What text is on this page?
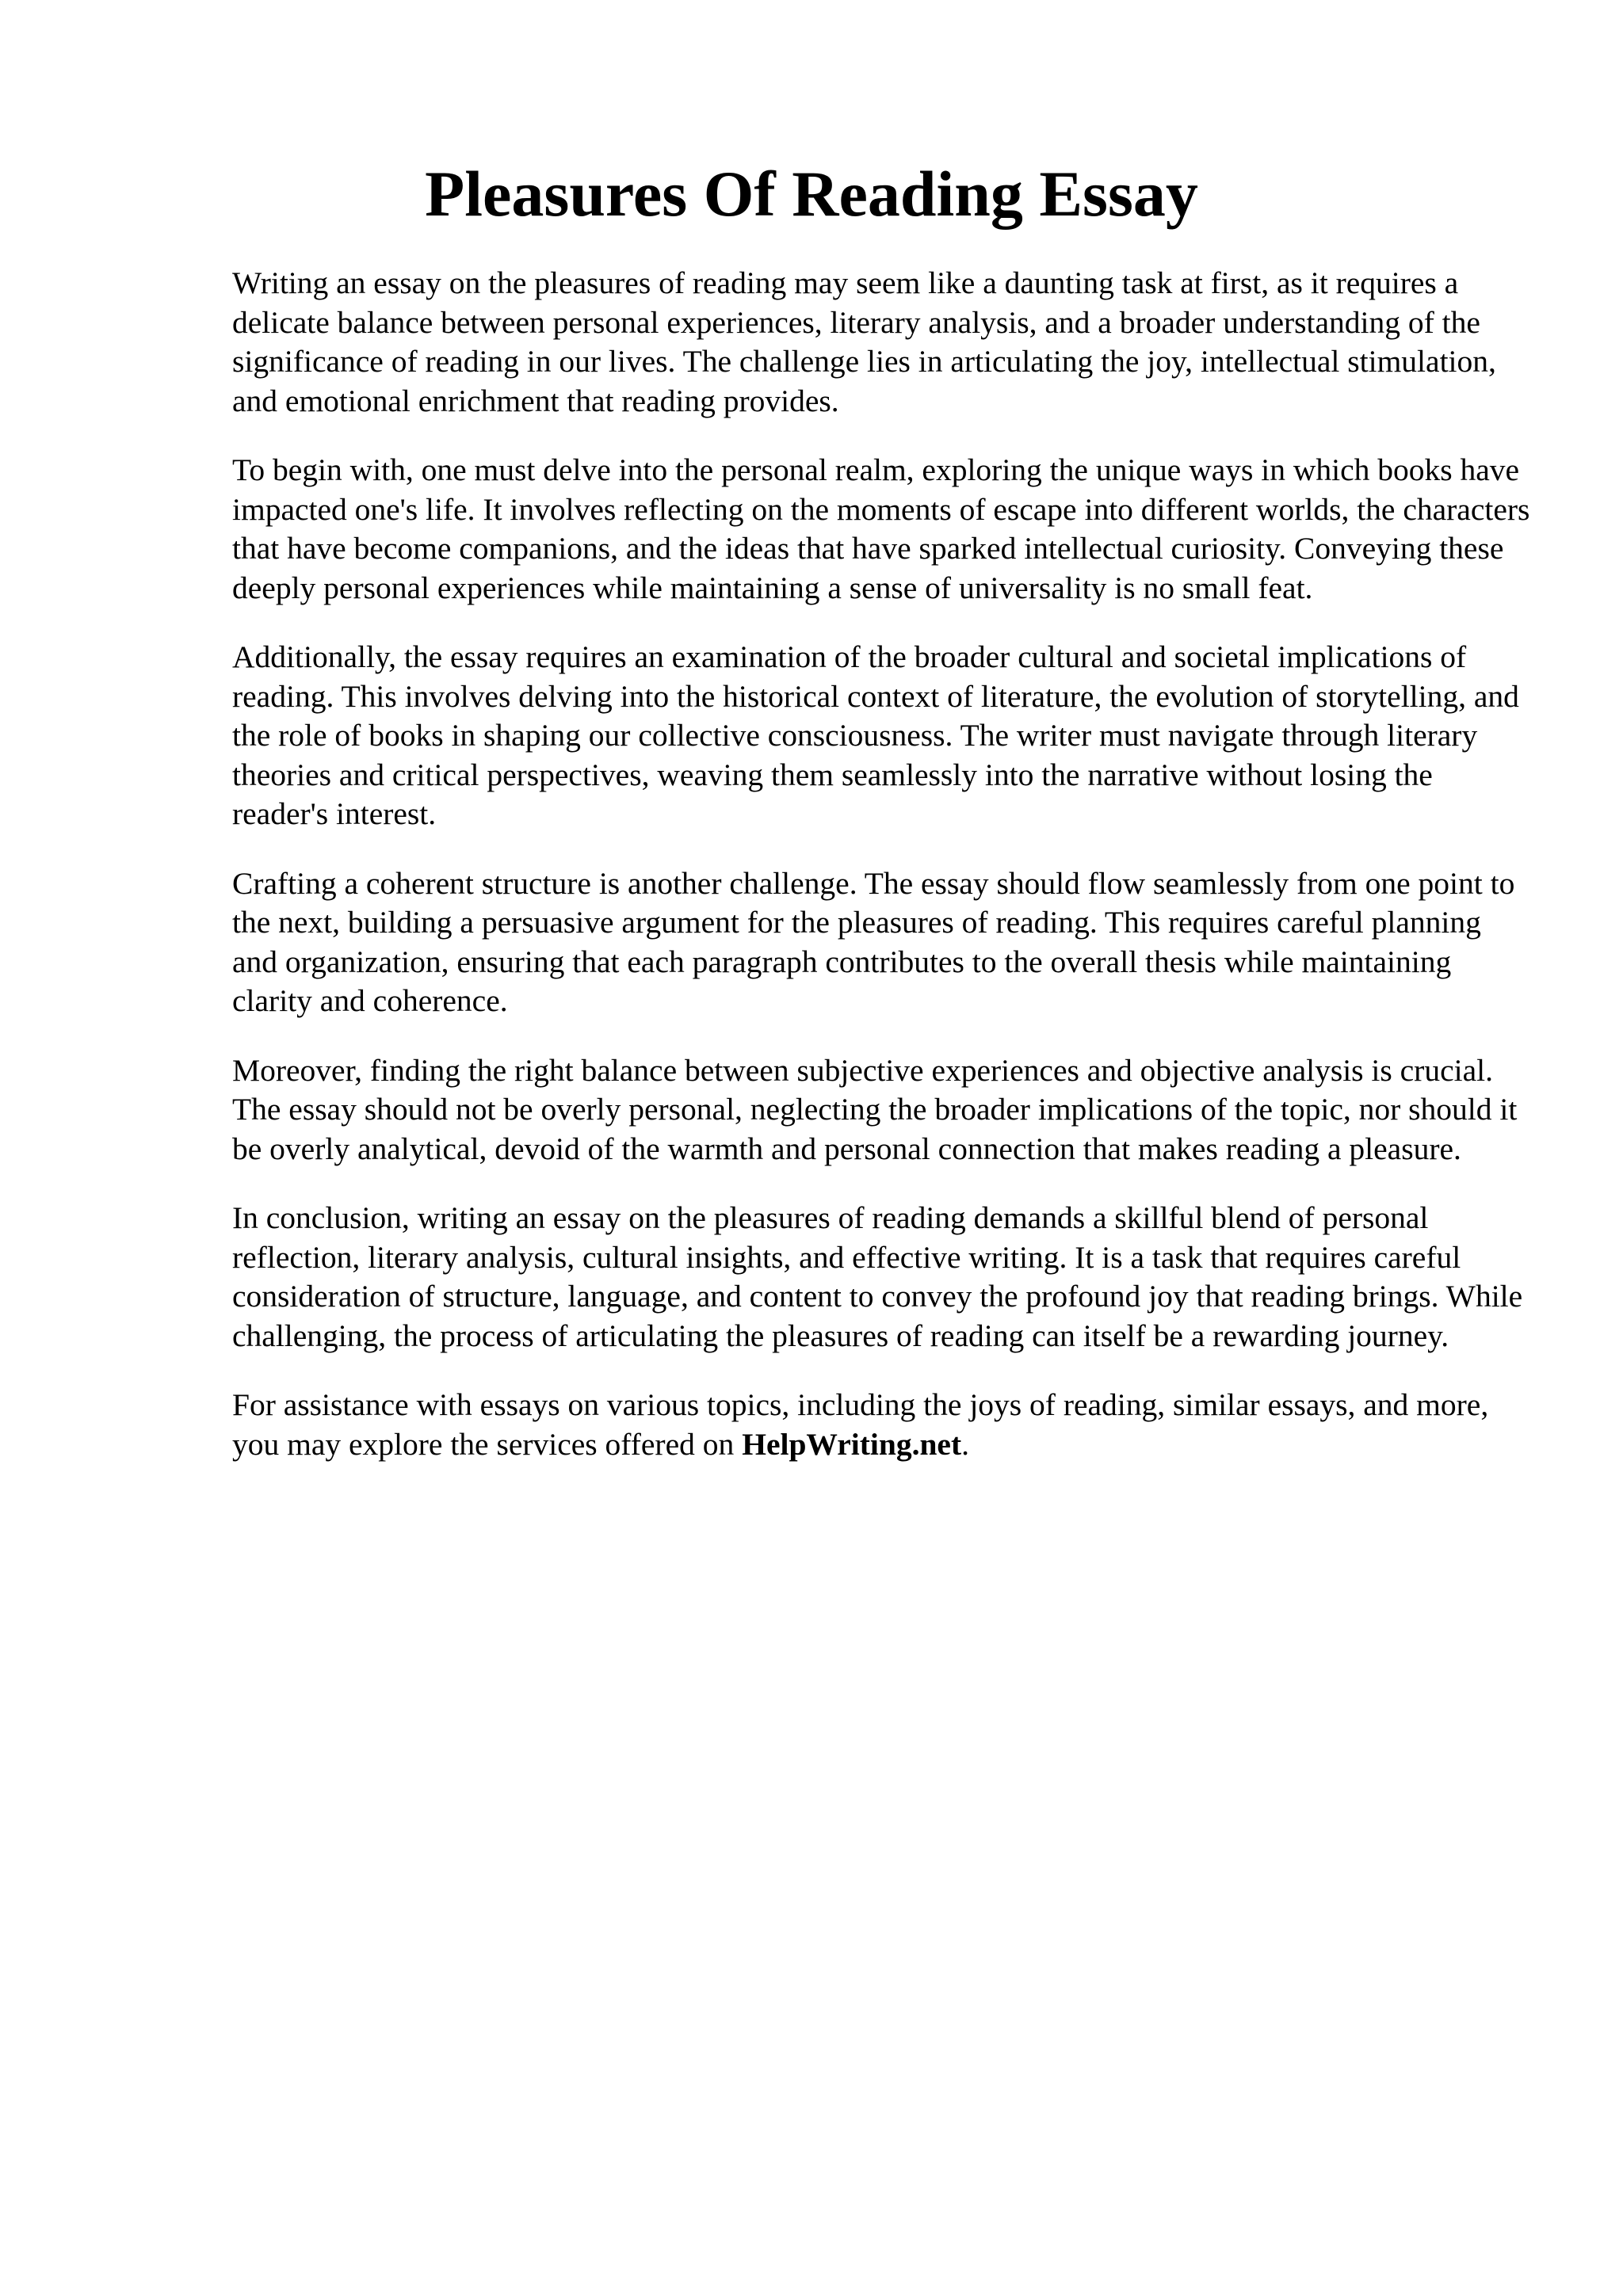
Pleasures Of Reading Essay

Writing an essay on the pleasures of reading may seem like a daunting task at first, as it requires a delicate balance between personal experiences, literary analysis, and a broader understanding of the significance of reading in our lives. The challenge lies in articulating the joy, intellectual stimulation, and emotional enrichment that reading provides.

To begin with, one must delve into the personal realm, exploring the unique ways in which books have impacted one's life. It involves reflecting on the moments of escape into different worlds, the characters that have become companions, and the ideas that have sparked intellectual curiosity. Conveying these deeply personal experiences while maintaining a sense of universality is no small feat.

Additionally, the essay requires an examination of the broader cultural and societal implications of reading. This involves delving into the historical context of literature, the evolution of storytelling, and the role of books in shaping our collective consciousness. The writer must navigate through literary theories and critical perspectives, weaving them seamlessly into the narrative without losing the reader's interest.

Crafting a coherent structure is another challenge. The essay should flow seamlessly from one point to the next, building a persuasive argument for the pleasures of reading. This requires careful planning and organization, ensuring that each paragraph contributes to the overall thesis while maintaining clarity and coherence.

Moreover, finding the right balance between subjective experiences and objective analysis is crucial. The essay should not be overly personal, neglecting the broader implications of the topic, nor should it be overly analytical, devoid of the warmth and personal connection that makes reading a pleasure.

In conclusion, writing an essay on the pleasures of reading demands a skillful blend of personal reflection, literary analysis, cultural insights, and effective writing. It is a task that requires careful consideration of structure, language, and content to convey the profound joy that reading brings. While challenging, the process of articulating the pleasures of reading can itself be a rewarding journey.

For assistance with essays on various topics, including the joys of reading, similar essays, and more, you may explore the services offered on HelpWriting.net.
